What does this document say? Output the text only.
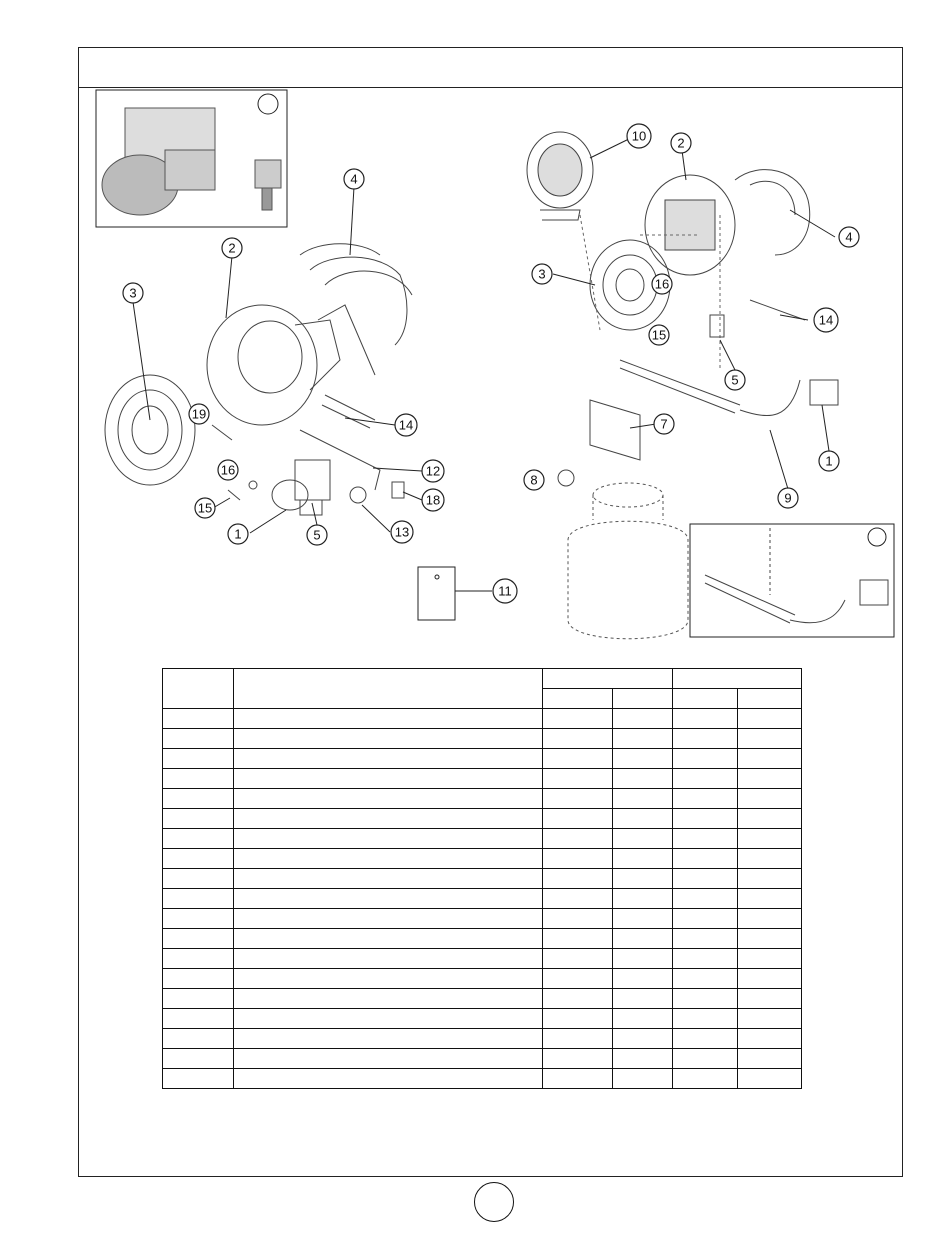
3
2
4
19
14
16	12
18
15
13
1	5
11
10 2
4
3
16
15
14
5
7
8
1
9
